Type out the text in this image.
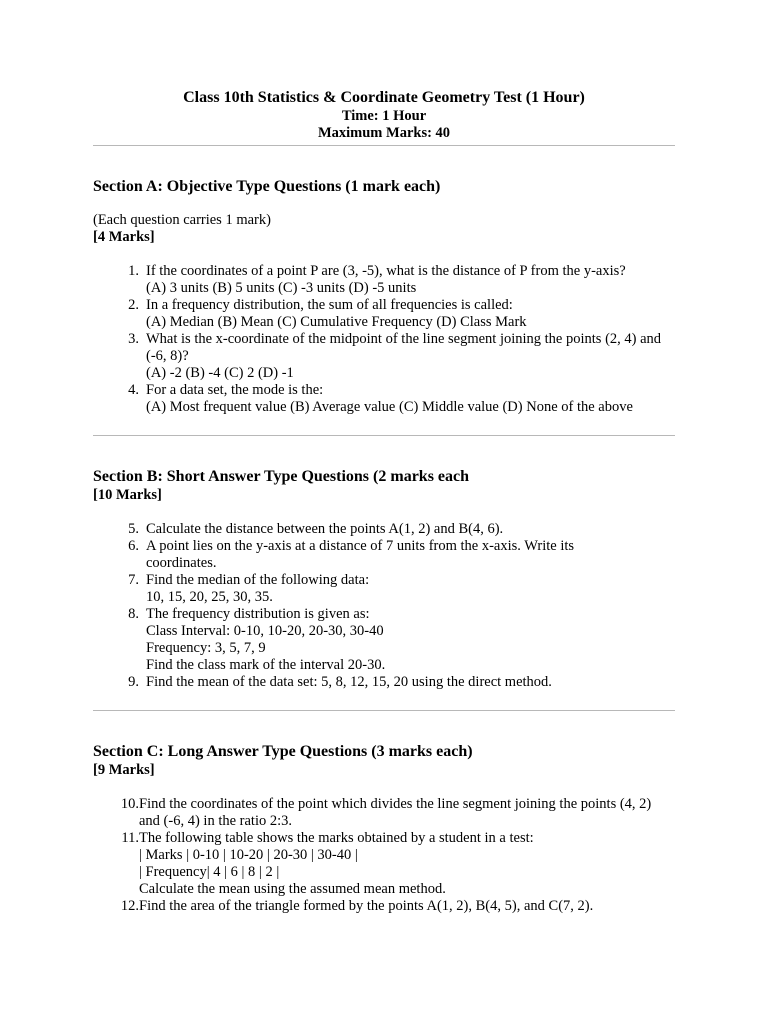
Class 10th Statistics & Coordinate Geometry Test (1 Hour)
Time: 1 Hour
Maximum Marks: 40
Section A: Objective Type Questions (1 mark each)

(Each question carries 1 mark)

[4 Marks]

1. If the coordinates of a point P are (3, -5), what is the distance of P from the y-axis?
(A) 3 units (B) 5 units (C) -3 units (D) -5 units
2. In a frequency distribution, the sum of all frequencies is called:
(A) Median (B) Mean (C) Cumulative Frequency (D) Class Mark
3. What is the x-coordinate of the midpoint of the line segment joining the points (2, 4) and (-6, 8)?
(A) -2 (B) -4 (C) 2 (D) -1
4. For a data set, the mode is the:
(A) Most frequent value (B) Average value (C) Middle value (D) None of the above
Section B: Short Answer Type Questions (2 marks each

[10 Marks]

5. Calculate the distance between the points A(1, 2) and B(4, 6).
6. A point lies on the y-axis at a distance of 7 units from the x-axis. Write its coordinates.
7. Find the median of the following data:
10, 15, 20, 25, 30, 35.
8. The frequency distribution is given as:
Class Interval: 0-10, 10-20, 20-30, 30-40
Frequency: 3, 5, 7, 9
Find the class mark of the interval 20-30.
9. Find the mean of the data set: 5, 8, 12, 15, 20 using the direct method.
Section C: Long Answer Type Questions (3 marks each)

[9 Marks]

10. Find the coordinates of the point which divides the line segment joining the points (4, 2) and (-6, 4) in the ratio 2:3.
11. The following table shows the marks obtained by a student in a test:
| Marks | 0-10 | 10-20 | 20-30 | 30-40 |
| Frequency| 4 | 6 | 8 | 2 |
Calculate the mean using the assumed mean method.
12. Find the area of the triangle formed by the points A(1, 2), B(4, 5), and C(7, 2).
